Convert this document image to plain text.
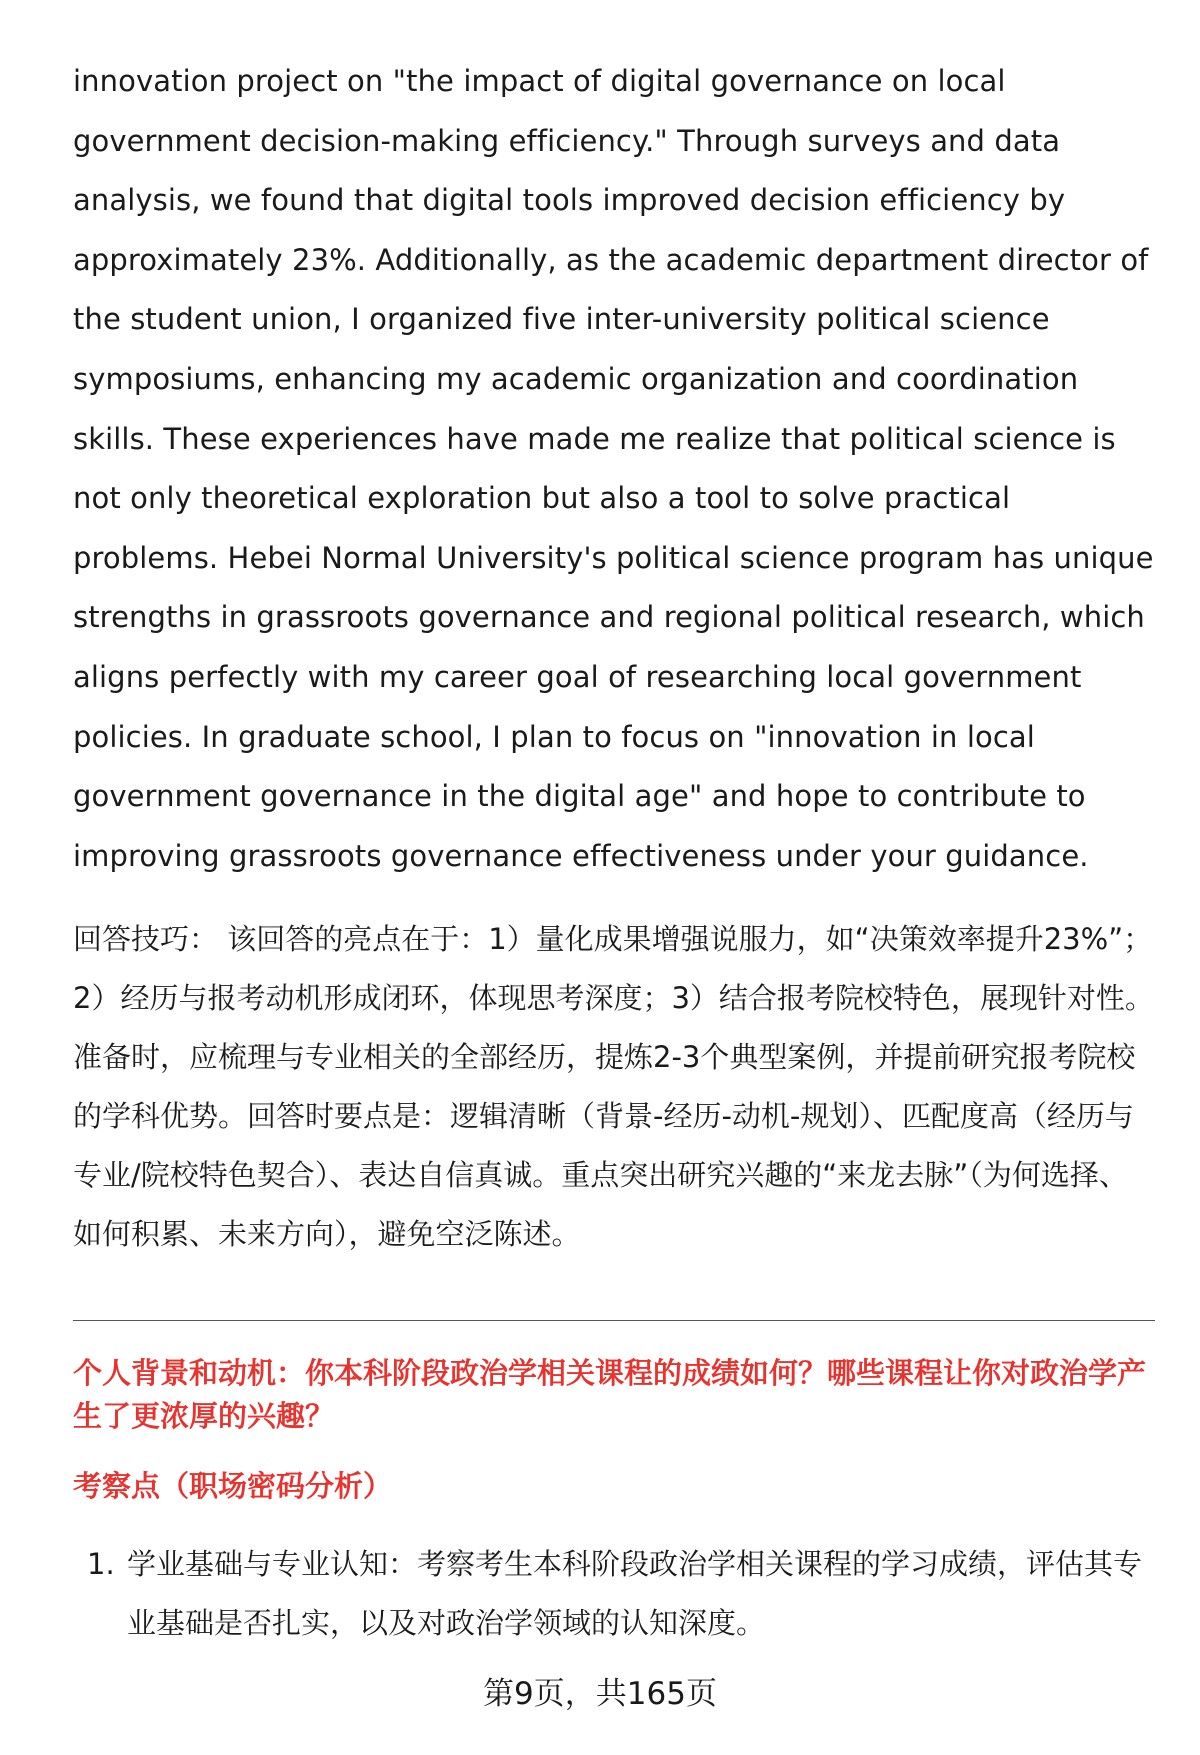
innovation project on "the impact of digital governance on local government decision-making efficiency." Through surveys and data analysis, we found that digital tools improved decision efficiency by approximately 23%. Additionally, as the academic department director of the student union, I organized five inter-university political science symposiums, enhancing my academic organization and coordination skills. These experiences have made me realize that political science is not only theoretical exploration but also a tool to solve practical problems. Hebei Normal University's political science program has unique strengths in grassroots governance and regional political research, which aligns perfectly with my career goal of researching local government policies. In graduate school, I plan to focus on "innovation in local government governance in the digital age" and hope to contribute to improving grassroots governance effectiveness under your guidance.

回答技巧： 该回答的亮点在于：1）量化成果增强说服力，如“决策效率提升23%”；2）经历与报考动机形成闭环，体现思考深度；3）结合报考院校特色，展现针对性。准备时，应梳理与专业相关的全部经历，提炼2-3个典型案例，并提前研究报考院校的学科优势。回答时要点是：逻辑清晰（背景-经历-动机-规划）、匹配度高（经历与专业/院校特色契合）、表达自信真诚。重点突出研究兴趣的“来龙去脉”（为何选择、如何积累、未来方向），避免空泛陈述。

个人背景和动机：你本科阶段政治学相关课程的成绩如何？哪些课程让你对政治学产生了更浓厚的兴趣？

考察点（职场密码分析）

1. 学业基础与专业认知：考察考生本科阶段政治学相关课程的学习成绩，评估其专业基础是否扎实，以及对政治学领域的认知深度。
第9页，共165页
